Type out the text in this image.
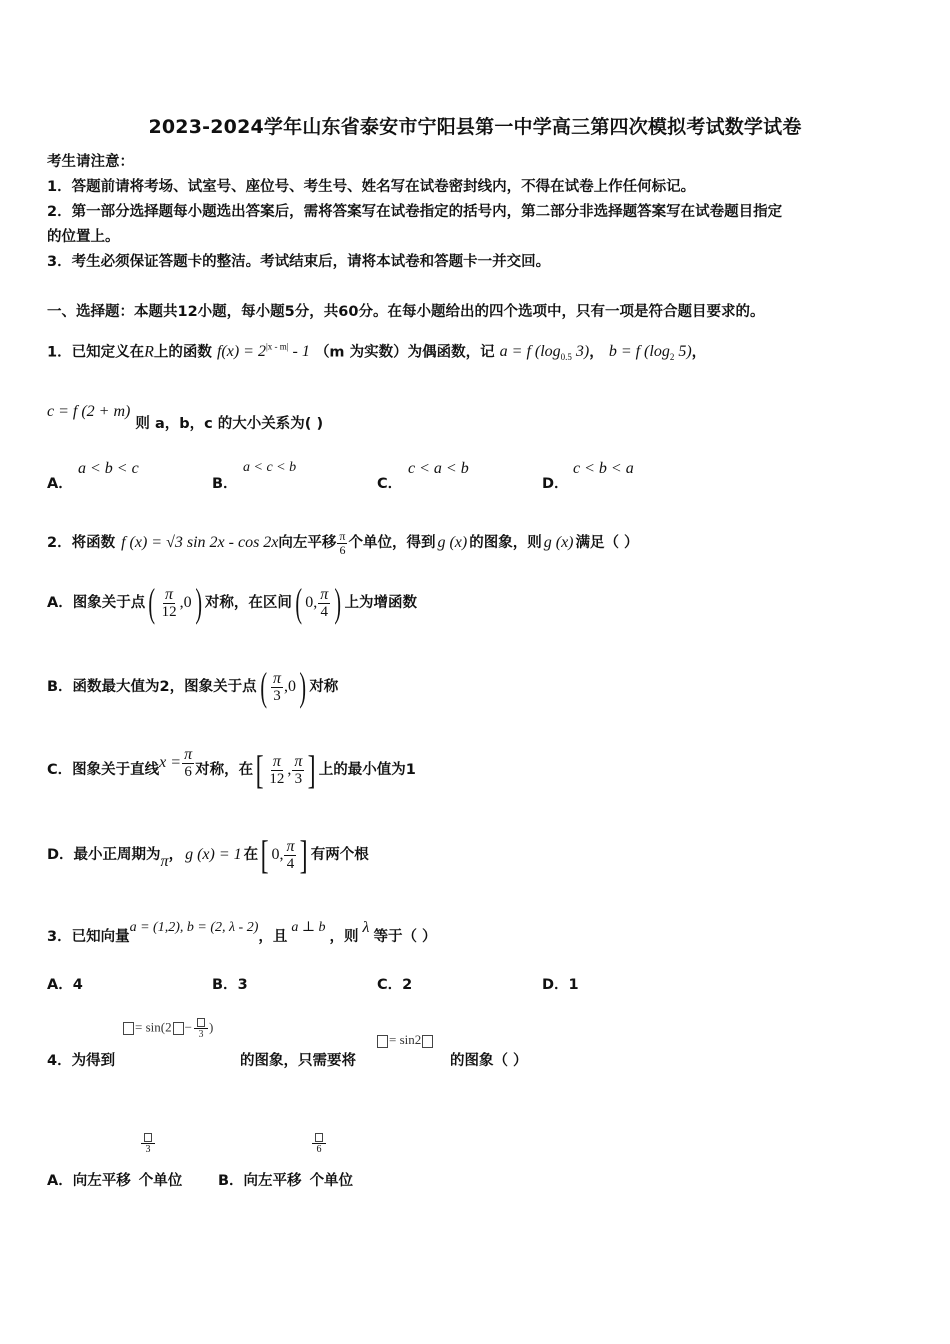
2023-2024学年山东省泰安市宁阳县第一中学高三第四次模拟考试数学试卷
考生请注意：
1．答题前请将考场、试室号、座位号、考生号、姓名写在试卷密封线内，不得在试卷上作任何标记。
2．第一部分选择题每小题选出答案后，需将答案写在试卷指定的括号内，第二部分非选择题答案写在试卷题目指定
的位置上。
3．考生必须保证答题卡的整洁。考试结束后，请将本试卷和答题卡一并交回。
一、选择题：本题共12小题，每小题5分，共60分。在每小题给出的四个选项中，只有一项是符合题目要求的。
1．已知定义在R上的函数 $f(x) = 2^{|x - m|} - 1$ （m 为实数）为偶函数，记 a = f ($\log_{0.5}$ 3)， b = f ($\log_2$ 5)，
c = f (2 + m) 则 a，b，c 的大小关系为( )
A．
a < b < c
B．
a < c < b
C．
c < a < b
D．
c < b < a
2．将函数 f (x) = √3 sin 2x - cos 2x 向左平移 $\frac{\pi}{6}$ 个单位，得到 g (x) 的图象，则 g (x) 满足（ ）
A．图象关于点 ( $\frac{\pi}{12} ,0$ ) 对称，在区间 ( 0, $\frac{\pi}{4}$ ) 上为增函数
B．函数最大值为2，图象关于点 ( $\frac{\pi}{3} ,0$ ) 对称
C．图象关于直线 $x = \frac{\pi}{6}$ 对称，在 [ $\frac{\pi}{12}$ , $\frac{\pi}{3}$ ] 上的最小值为1
D．最小正周期为 π ， g (x) = 1 在 [ 0, $\frac{\pi}{4}$ ] 有两个根
3．已知向量
a = (1,2), b = (2, λ - 2)
，且
a ⊥ b
，则
λ
等于（ ）
A．4	B．3	C．2	D．1
= sin(2 −
3
)
= sin2
4．为得到	的图象，只需要将	的图象（ ）
3	6
A．向左平移 个单位 B．向左平移 个单位
